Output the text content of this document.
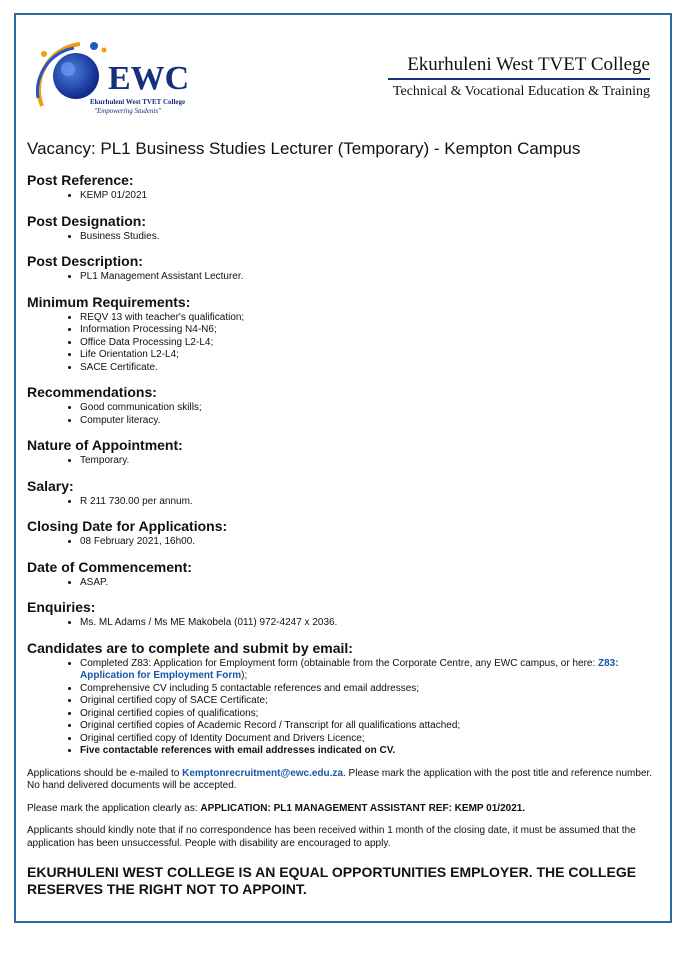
EWC
Ekurhuleni West TVET College
"Empowering Students"
Ekurhuleni West TVET College
Technical & Vocational Education & Training
Vacancy: PL1 Business Studies Lecturer (Temporary) - Kempton Campus
Post Reference:
• KEMP 01/2021
Post Designation:
• Business Studies.
Post Description:
• PL1 Management Assistant Lecturer.
Minimum Requirements:
• REQV 13 with teacher's qualification;
• Information Processing N4-N6;
• Office Data Processing L2-L4;
• Life Orientation L2-L4;
• SACE Certificate.
Recommendations:
• Good communication skills;
• Computer literacy.
Nature of Appointment:
• Temporary.
Salary:
• R 211 730.00 per annum.
Closing Date for Applications:
• 08 February 2021, 16h00.
Date of Commencement:
• ASAP.
Enquiries:
• Ms. ML Adams / Ms ME Makobela (011) 972-4247 x 2036.
Candidates are to complete and submit by email:
• Completed Z83: Application for Employment form (obtainable from the Corporate Centre, any EWC campus, or here: Z83: Application for Employment Form);
• Comprehensive CV including 5 contactable references and email addresses;
• Original certified copy of SACE Certificate;
• Original certified copies of qualifications;
• Original certified copies of Academic Record / Transcript for all qualifications attached;
• Original certified copy of Identity Document and Drivers Licence;
• Five contactable references with email addresses indicated on CV.

Applications should be e-mailed to Kemptonrecruitment@ewc.edu.za. Please mark the application with the post title and reference number. No hand delivered documents will be accepted.

Please mark the application clearly as: APPLICATION: PL1 MANAGEMENT ASSISTANT REF: KEMP 01/2021.

Applicants should kindly note that if no correspondence has been received within 1 month of the closing date, it must be assumed that the application has been unsuccessful. People with disability are encouraged to apply.

EKURHULENI WEST COLLEGE IS AN EQUAL OPPORTUNITIES EMPLOYER. THE COLLEGE RESERVES THE RIGHT NOT TO APPOINT.
